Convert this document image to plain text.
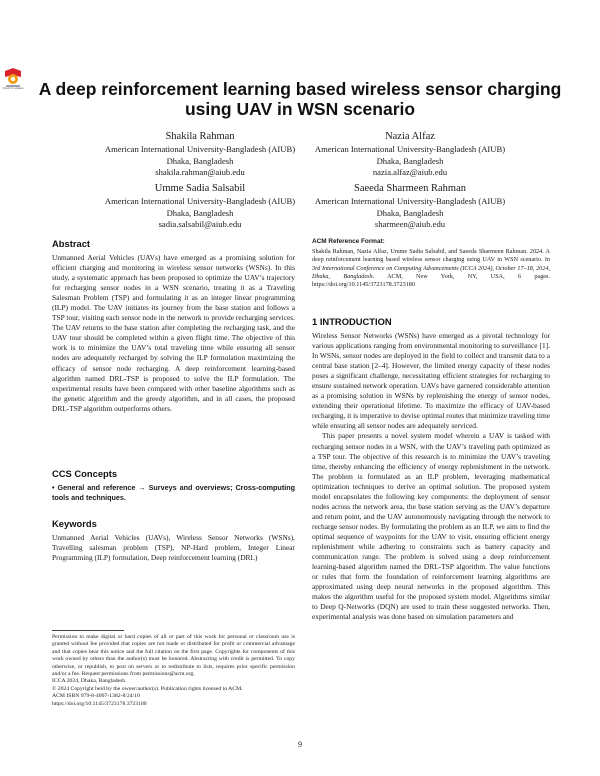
Check for updates A deep reinforcement learning based wireless sensor charging using UAV in WSN scenario
Shakila Rahman
American International University-Bangladesh (AIUB)
Dhaka, Bangladesh
shakila.rahman@aiub.edu
Nazia Alfaz
American International University-Bangladesh (AIUB)
Dhaka, Bangladesh
nazia.alfaz@aiub.edu
Umme Sadia Salsabil
American International University-Bangladesh (AIUB)
Dhaka, Bangladesh
sadia.salsabil@aiub.edu
Saeeda Sharmeen Rahman
American International University-Bangladesh (AIUB)
Dhaka, Bangladesh
sharmeen@aiub.edu
Abstract

Unmanned Aerial Vehicles (UAVs) have emerged as a promising solution for efficient charging and monitoring in wireless sensor networks (WSNs). In this study, a systematic approach has been proposed to optimize the UAV’s trajectory for recharging sensor nodes in a WSN scenario, treating it as a Traveling Salesman Problem (TSP) and formulating it as an integer linear programming (ILP) model. The UAV initiates its journey from the base station and follows a TSP tour, visiting each sensor node in the network to provide recharging services. The UAV returns to the base station after completing the recharging task, and the UAV tour should be completed within a given flight time. The objective of this work is to minimize the UAV’s total traveling time while ensuring all sensor nodes are adequately recharged by solving the ILP formulation maximizing the efficacy of sensor node recharging. A deep reinforcement learning-based algorithm named DRL-TSP is proposed to solve the ILP formulation. The experimental results have been compared with other baseline algorithms such as the genetic algorithm and the greedy algorithm, and in all cases, the proposed DRL-TSP algorithm outperforms others.

CCS Concepts

• General and reference → Surveys and overviews; Cross-computing tools and techniques.

Keywords

Unmanned Aerial Vehicles (UAVs), Wireless Sensor Networks (WSNs), Travelling salesman problem (TSP), NP-Hard problem, Integer Linear Programming (ILP) formulation, Deep reinforcement learning (DRL)

Permission to make digital or hard copies of all or part of this work for personal or classroom use is granted without fee provided that copies are not made or distributed for profit or commercial advantage and that copies bear this notice and the full citation on the first page. Copyrights for components of this work owned by others than the author(s) must be honored. Abstracting with credit is permitted. To copy otherwise, or republish, to post on servers or to redistribute to lists, requires prior specific permission and/or a fee. Request permissions from permissions@acm.org.
ICCA 2024, Dhaka, Bangladesh
© 2024 Copyright held by the owner/author(s). Publication rights licensed to ACM.
ACM ISBN 979-8-4007-1382-8/24/10
https://doi.org/10.1145/3723178.3723180
ACM Reference Format:

Shakila Rahman, Nazia Alfaz, Umme Sadia Salsabil, and Saeeda Sharmeen Rahman. 2024. A deep reinforcement learning based wireless sensor charging using UAV in WSN scenario. In 3rd International Conference on Computing Advancements (ICCA 2024), October 17–18, 2024, Dhaka, Bangladesh. ACM, New York, NY, USA, 6 pages. https://doi.org/10.1145/3723178.3723180

1 INTRODUCTION

Wireless Sensor Networks (WSNs) have emerged as a pivotal technology for various applications ranging from environmental monitoring to surveillance [1]. In WSNs, sensor nodes are deployed in the field to collect and transmit data to a central base station [2–4]. However, the limited energy capacity of these nodes poses a significant challenge, necessitating efficient strategies for recharging to ensure sustained network operation. UAVs have garnered considerable attention as a promising solution in WSNs by replenishing the energy of sensor nodes, extending their operational lifetime. To maximize the efficacy of UAV-based recharging, it is imperative to devise optimal routes that minimize traveling time while ensuring all sensor nodes are adequately serviced.

This paper presents a novel system model wherein a UAV is tasked with recharging sensor nodes in a WSN, with the UAV’s traveling path optimized as a TSP tour. The objective of this research is to minimize the UAV’s traveling time, thereby enhancing the efficiency of energy replenishment in the network. The problem is formulated as an ILP problem, leveraging mathematical optimization techniques to derive an optimal solution. The proposed system model encapsulates the following key components: the deployment of sensor nodes across the network area, the base station serving as the UAV’s departure and return point, and the UAV autonomously navigating through the network to recharge sensor nodes. By formulating the problem as an ILP, we aim to find the optimal sequence of waypoints for the UAV to visit, ensuring efficient energy replenishment while adhering to constraints such as battery capacity and communication range. The problem is solved using a deep reinforcement learning-based algorithm named the DRL-TSP algorithm. The value functions or rules that form the foundation of reinforcement learning algorithms are approximated using deep neural networks in the proposed algorithm. This makes the algorithm useful for the proposed system model. Algorithms similar to Deep Q-Networks (DQN) are used to train these suggested networks. Then, experimental analysis was done based on simulation parameters and

9
